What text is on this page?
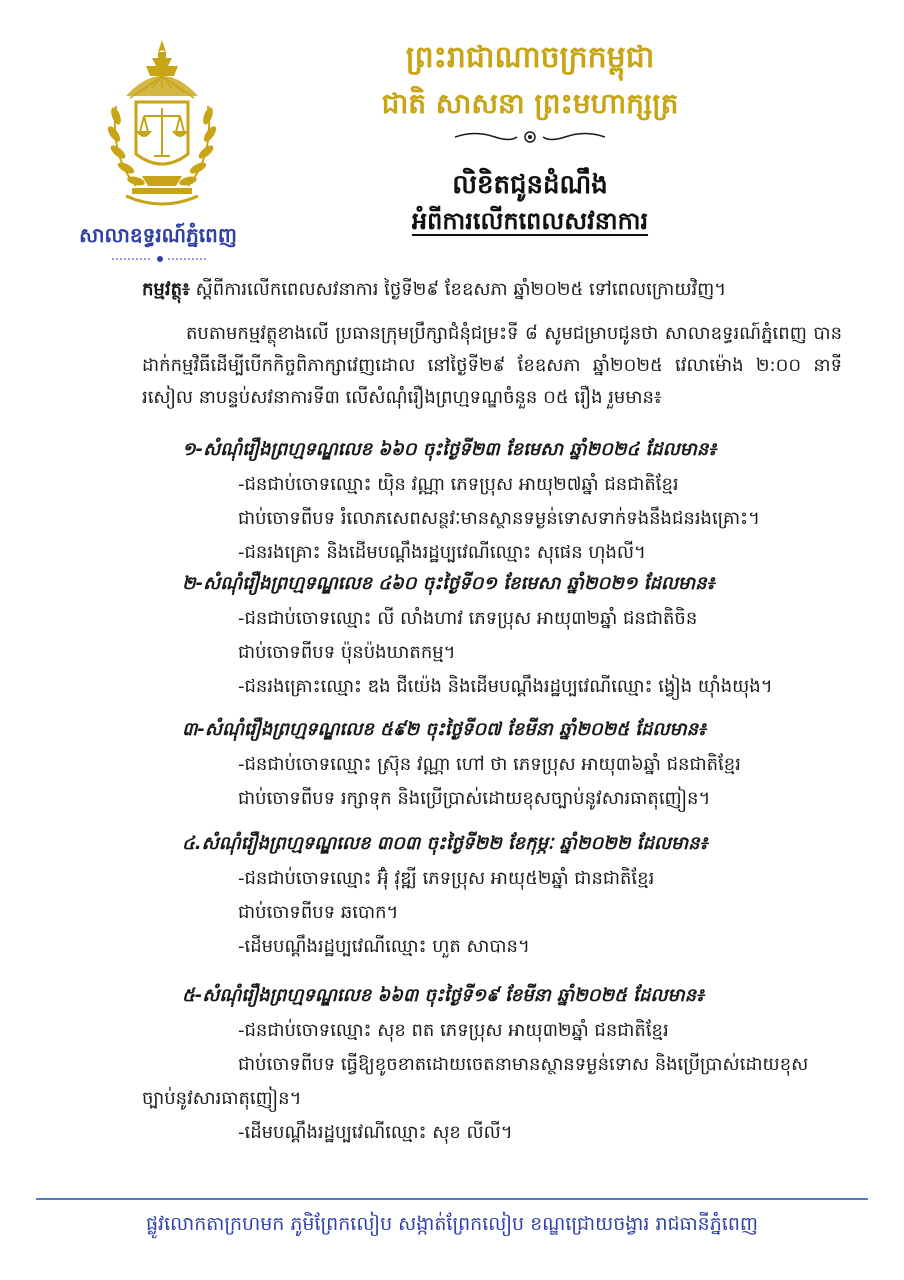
សាលាឧទ្ធរណ៍ភ្នំពេញ
ព្រះរាជាណាចក្រកម្ពុជា
ជាតិ សាសនា ព្រះមហាក្សត្រ
លិខិតជូនដំណឹង
អំពីការលើកពេលសវនាការ
កម្មវត្ថុ៖ ស្តីពីការលើកពេលសវនាការ ថ្ងៃទី២៩ ខែឧសភា ឆ្នាំ២០២៥ ទៅពេលក្រោយវិញ។
តបតាមកម្មវត្ថុខាងលើ ប្រធានក្រុមប្រឹក្សាជំនុំជម្រះទី ៨ សូមជម្រាបជូនថា សាលាឧទ្ធរណ៍ភ្នំពេញ បានដាក់កម្មវិធីដើម្បីបើកកិច្ចពិភាក្សាវេញដោល នៅថ្ងៃទី២៩ ខែឧសភា ឆ្នាំ២០២៥ វេលាម៉ោង ២:០០ នាទីរសៀល នាបន្ទប់សវនាការទី៣ លើសំណុំរឿងព្រហ្មទណ្ឌចំនួន ០៥ រឿង រួមមាន៖
១-សំណុំរឿងព្រហ្មទណ្ឌលេខ ៦៦០ ចុះថ្ងៃទី២៣ ខែមេសា ឆ្នាំ២០២៤ ដែលមាន៖
-ជនជាប់ចោទឈ្មោះ យ៉ិន វណ្ណា ភេទប្រុស អាយុ២៧ឆ្នាំ ជនជាតិខ្មែរ
ជាប់ចោទពីបទ រំលោភសេពសន្ថវៈមានស្ថានទម្ងន់ទោសទាក់ទងនឹងជនរងគ្រោះ។
-ជនរងគ្រោះ និងដើមបណ្តឹងរដ្ឋប្បវេណីឈ្មោះ សុផេន ហុងលី។
២-សំណុំរឿងព្រហ្មទណ្ឌលេខ ៤៦០ ចុះថ្ងៃទី០១ ខែមេសា ឆ្នាំ២០២១ ដែលមាន៖
-ជនជាប់ចោទឈ្មោះ លី លាំងហាវ ភេទប្រុស អាយុ៣២ឆ្នាំ ជនជាតិចិន
ជាប់ចោទពីបទ ប៉ុនប៉ងឃាតកម្ម។
-ជនរងគ្រោះឈ្មោះ ឌង ជីយ៉េង និងដើមបណ្តឹងរដ្ឋប្បវេណីឈ្មោះ ង្វៀង យ៉ាំងយុង។
៣-សំណុំរឿងព្រហ្មទណ្ឌលេខ ៥៩២ ចុះថ្ងៃទី០៧ ខែមីនា ឆ្នាំ២០២៥ ដែលមាន៖
-ជនជាប់ចោទឈ្មោះ ស្រ៊ុន វណ្ណា ហៅ ថា ភេទប្រុស អាយុ៣៦ឆ្នាំ ជនជាតិខ្មែរ
ជាប់ចោទពីបទ រក្សាទុក និងប្រើប្រាស់ដោយខុសច្បាប់នូវសារធាតុញៀន។
៤.សំណុំរឿងព្រហ្មទណ្ឌលេខ ៣០៣ ចុះថ្ងៃទី២២ ខែកុម្ភៈ ឆ្នាំ២០២២ ដែលមាន៖
-ជនជាប់ចោទឈ្មោះ អ៊ុំ វុឌ្ឍី ភេទប្រុស អាយុ៥២ឆ្នាំ ជានជាតិខ្មែរ
ជាប់ចោទពីបទ ឆបោក។
-ដើមបណ្តឹងរដ្ឋប្បវេណីឈ្មោះ ហួត សាបាន។
៥-សំណុំរឿងព្រហ្មទណ្ឌលេខ ៦៦៣ ចុះថ្ងៃទី១៩ ខែមីនា ឆ្នាំ២០២៥ ដែលមាន៖
-ជនជាប់ចោទឈ្មោះ សុខ ពត ភេទប្រុស អាយុ៣២ឆ្នាំ ជនជាតិខ្មែរ
ជាប់ចោទពីបទ ធ្វើឱ្យខូចខាតដោយចេតនាមានស្ថានទម្ងន់ទោស និងប្រើប្រាស់ដោយខុស
ច្បាប់នូវសារធាតុញៀន។
-ដើមបណ្តឹងរដ្ឋប្បវេណីឈ្មោះ សុខ លីលី។
ផ្លូវលោកតាក្រហមក ភូមិព្រែកលៀប សង្កាត់ព្រែកលៀប ខណ្ឌជ្រោយចង្វារ រាជធានីភ្នំពេញ
